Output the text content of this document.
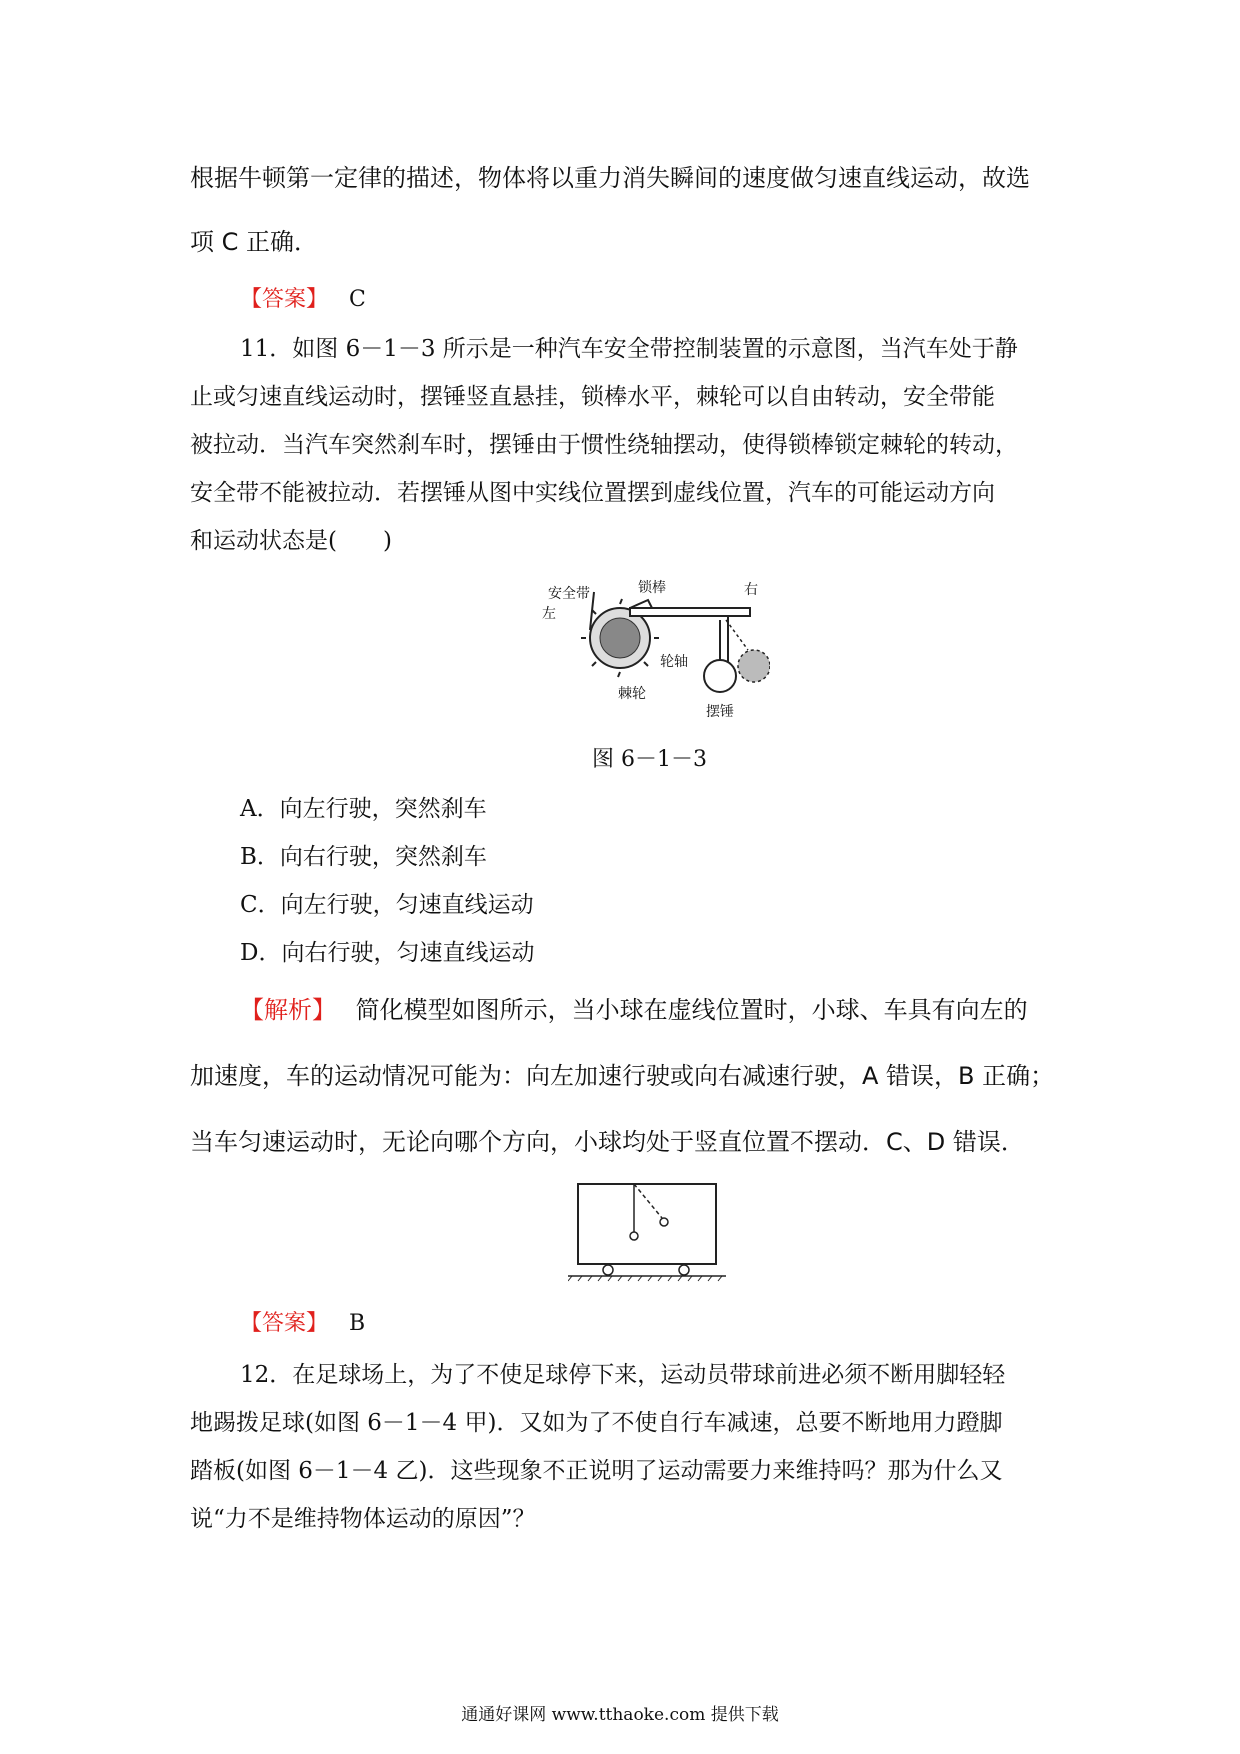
根据牛顿第一定律的描述，物体将以重力消失瞬间的速度做匀速直线运动，故选
项 C 正确．
【答案】 C
11．如图 6－1－3 所示是一种汽车安全带控制装置的示意图，当汽车处于静
止或匀速直线运动时，摆锤竖直悬挂，锁棒水平，棘轮可以自由转动，安全带能
被拉动．当汽车突然刹车时，摆锤由于惯性绕轴摆动，使得锁棒锁定棘轮的转动，
安全带不能被拉动．若摆锤从图中实线位置摆到虚线位置，汽车的可能运动方向
和运动状态是(　　)
安全带
左
锁棒	右
轮轴
棘轮
摆锤
图 6－1－3
A．向左行驶，突然刹车
B．向右行驶，突然刹车
C．向左行驶，匀速直线运动
D．向右行驶，匀速直线运动
【解析】 简化模型如图所示，当小球在虚线位置时，小球、车具有向左的
加速度，车的运动情况可能为：向左加速行驶或向右减速行驶，A 错误，B 正确；
当车匀速运动时，无论向哪个方向，小球均处于竖直位置不摆动．C、D 错误．
【答案】 B
12．在足球场上，为了不使足球停下来，运动员带球前进必须不断用脚轻轻
地踢拨足球(如图 6－1－4 甲)．又如为了不使自行车减速，总要不断地用力蹬脚
踏板(如图 6－1－4 乙)．这些现象不正说明了运动需要力来维持吗？那为什么又
说“力不是维持物体运动的原因”？
通通好课网 www.tthaoke.com 提供下载
